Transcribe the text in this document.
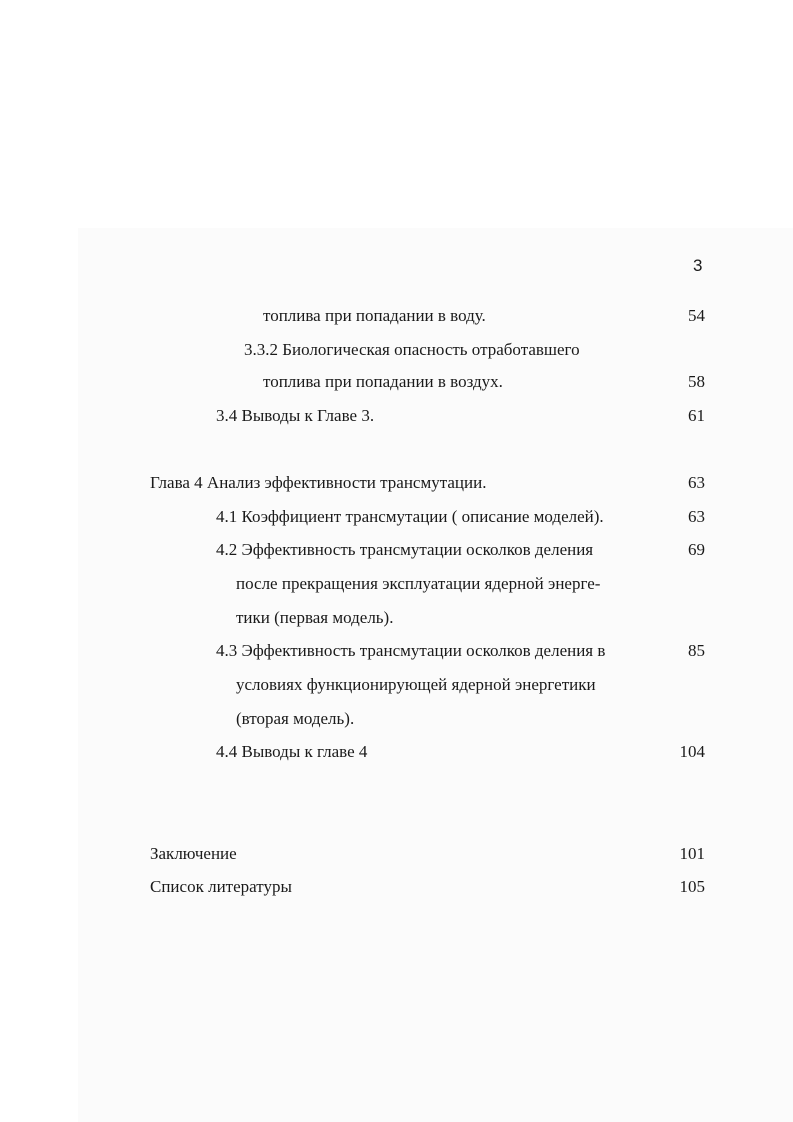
3
топлива при попадании в воду.	54
3.3.2 Биологическая опасность отработавшего
топлива при попадании в воздух.	58
3.4 Выводы к Главе 3.	61
Глава 4 Анализ эффективности трансмутации.	63
4.1 Коэффициент трансмутации ( описание моделей).	63
4.2 Эффективность трансмутации осколков деления	69
после прекращения эксплуатации ядерной энерге-
тики (первая модель).
4.3 Эффективность трансмутации осколков деления в	85
условиях функционирующей ядерной энергетики
(вторая модель).
4.4 Выводы к главе 4	104
Заключение	101
Список литературы	105
